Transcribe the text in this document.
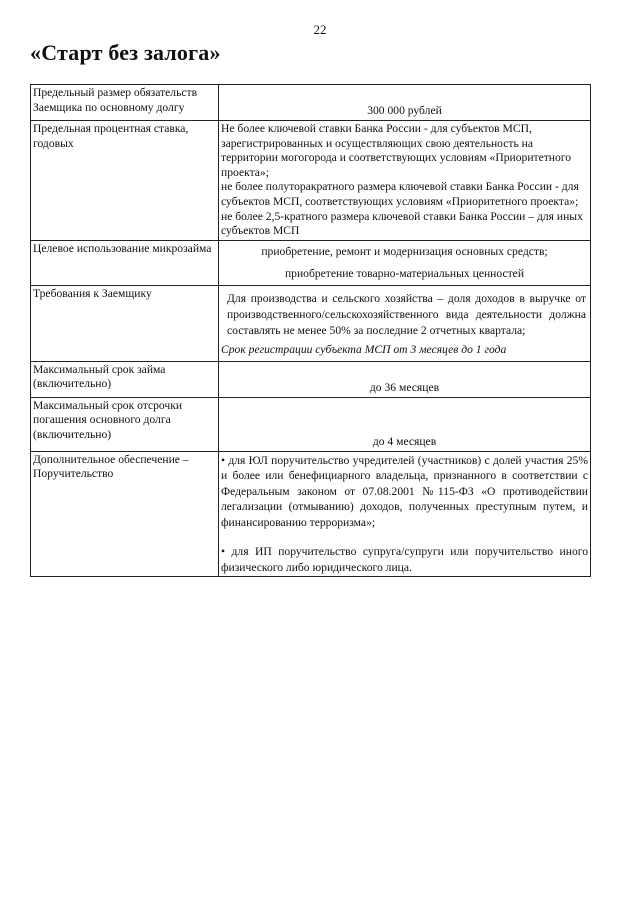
22
«Старт без залога»
Предельный размер обязательств Заемщика по основному долгу	300 000 рублей
Предельная процентная ставка, годовых	Не более ключевой ставки Банка России - для субъектов МСП, зарегистрированных и осуществляющих свою деятельность на территории могогорода и соответствующих условиям «Приоритетного проекта»;
не более полуторакратного размера ключевой ставки Банка России - для субъектов МСП, соответствующих условиям «Приоритетного проекта»;
не более 2,5-кратного размера ключевой ставки Банка России – для иных субъектов МСП

Целевое использование микрозайма	приобретение, ремонт и модернизация основных средств;
приобретение товарно-материальных ценностей

Требования к Заемщику	Для производства и сельского хозяйства – доля доходов в выручке от производственного/сельскохозяйственного вида деятельности должна составлять не менее 50% за последние 2 отчетных квартала;
Срок регистрации субъекта МСП от 3 месяцев до 1 года

Максимальный срок займа (включительно)	до 36 месяцев
Максимальный срок отсрочки погашения основного долга (включительно)	до 4 месяцев
Дополнительное обеспечение – Поручительство	• для ЮЛ поручительство учредителей (участников) с долей участия 25% и более или бенефициарного владельца, признанного в соответствии с Федеральным законом от 07.08.2001 №115-ФЗ «О противодействии легализации (отмыванию) доходов, полученных преступным путем, и финансированию терроризма»;
• для ИП поручительство супруга/супруги или поручительство иного физического либо юридического лица.
